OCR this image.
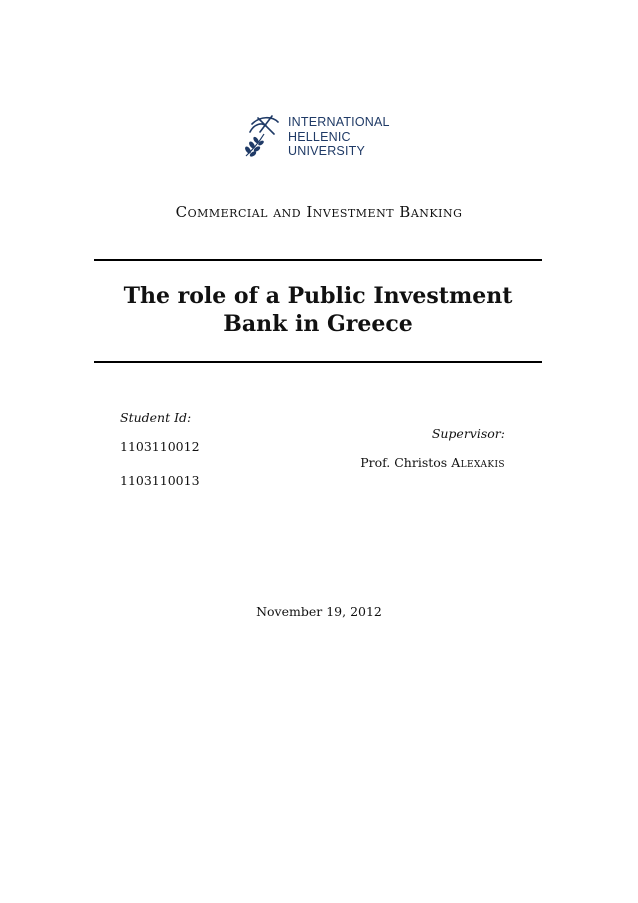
INTERNATIONAL
HELLENIC
UNIVERSITY
Commercial and Investment Banking
The role of a Public Investment
Bank in Greece
Student Id:
1103110012
1103110013
Supervisor:
Prof. Christos Alexakis
November 19, 2012
